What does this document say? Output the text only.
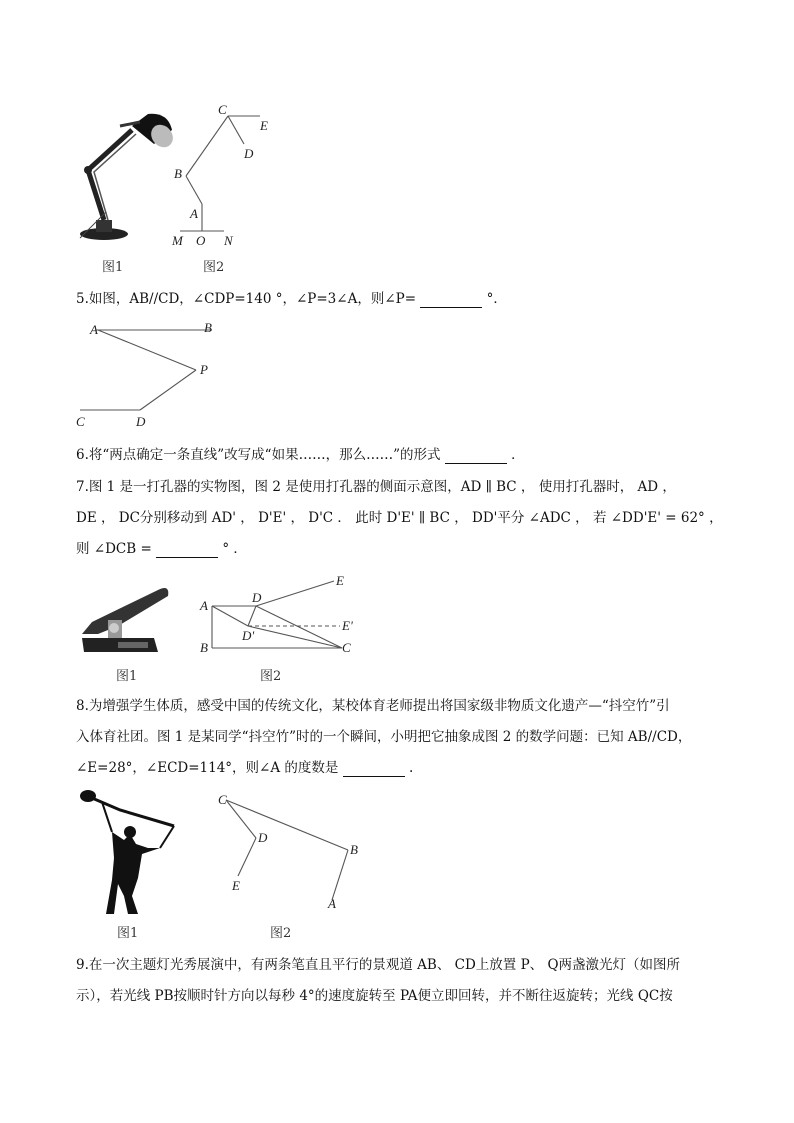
图1
C
E
D
B
A
M O N
图2
5.如图，AB//CD，∠CDP=140 °，∠P=3∠A，则∠P=	°．
A	B
P
C	D
6.将“两点确定一条直线”改写成“如果……，那么……”的形式	．
7.图 1 是一打孔器的实物图，图 2 是使用打孔器的侧面示意图，AD ∥ BC ， 使用打孔器时， AD ，
DE ， DC分别移动到 AD' ， D'E' ， D'C ． 此时 D'E' ∥ BC ， DD'平分 ∠ADC ， 若 ∠DD'E' = 62° ，
则 ∠DCB =	° ．
图1
A
D
E
E'
D'
B	C
图2
8.为增强学生体质，感受中国的传统文化，某校体育老师提出将国家级非物质文化遗产—“抖空竹”引
入体育社团。图 1 是某同学“抖空竹”时的一个瞬间，小明把它抽象成图 2 的数学问题：已知 AB//CD，
∠E=28°，∠ECD=114°，则∠A 的度数是	.
图1
C
D
B
E
A
图2
9.在一次主题灯光秀展演中，有两条笔直且平行的景观道 AB、 CD上放置 P、 Q两盏激光灯（如图所
示），若光线 PB按顺时针方向以每秒 4°的速度旋转至 PA便立即回转，并不断往返旋转；光线 QC按
